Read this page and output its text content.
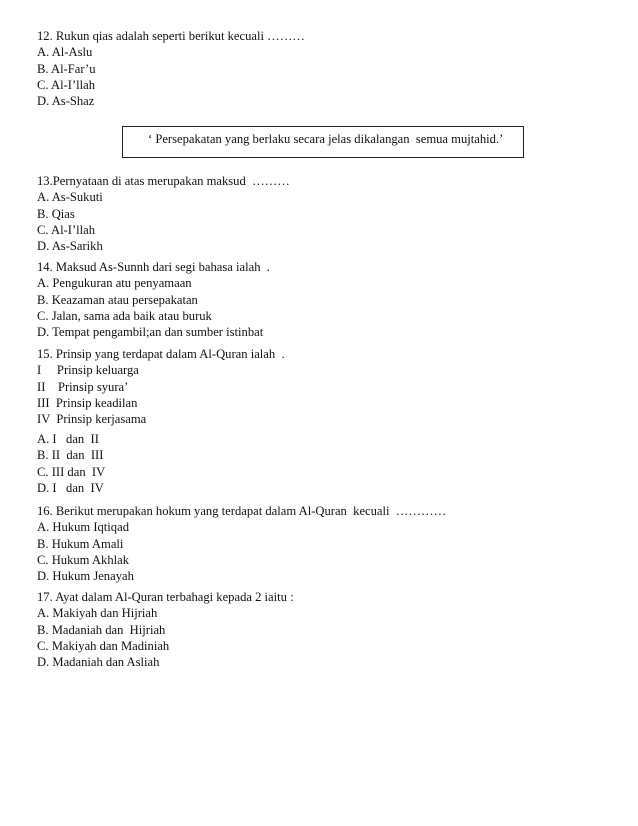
12. Rukun qias adalah seperti berikut kecuali ………
A. Al-Aslu
B. Al-Far’u
C. Al-I’llah
D. As-Shaz
13.Pernyataan di atas merupakan maksud  ………
A. As-Sukuti
B. Qias
C. Al-I’llah
D. As-Sarikh
14. Maksud As-Sunnh dari segi bahasa ialah  .
A. Pengukuran atu penyamaan
B. Keazaman atau persepakatan
C. Jalan, sama ada baik atau buruk
D. Tempat pengambil;an dan sumber istinbat
15. Prinsip yang terdapat dalam Al-Quran ialah  .
I     Prinsip keluarga
II    Prinsip syura’
III  Prinsip keadilan
IV  Prinsip kerjasama
A. I   dan  II
B. II  dan  III
C. III dan  IV
D. I   dan  IV
16. Berikut merupakan hokum yang terdapat dalam Al-Quran  kecuali  …………
A. Hukum Iqtiqad
B. Hukum Amali
C. Hukum Akhlak
D. Hukum Jenayah
17. Ayat dalam Al-Quran terbahagi kepada 2 iaitu :
A. Makiyah dan Hijriah
B. Madaniah dan  Hijriah
C. Makiyah dan Madiniah
D. Madaniah dan Asliah
‘ Persepakatan yang berlaku secara jelas dikalangan  semua mujtahid.’
